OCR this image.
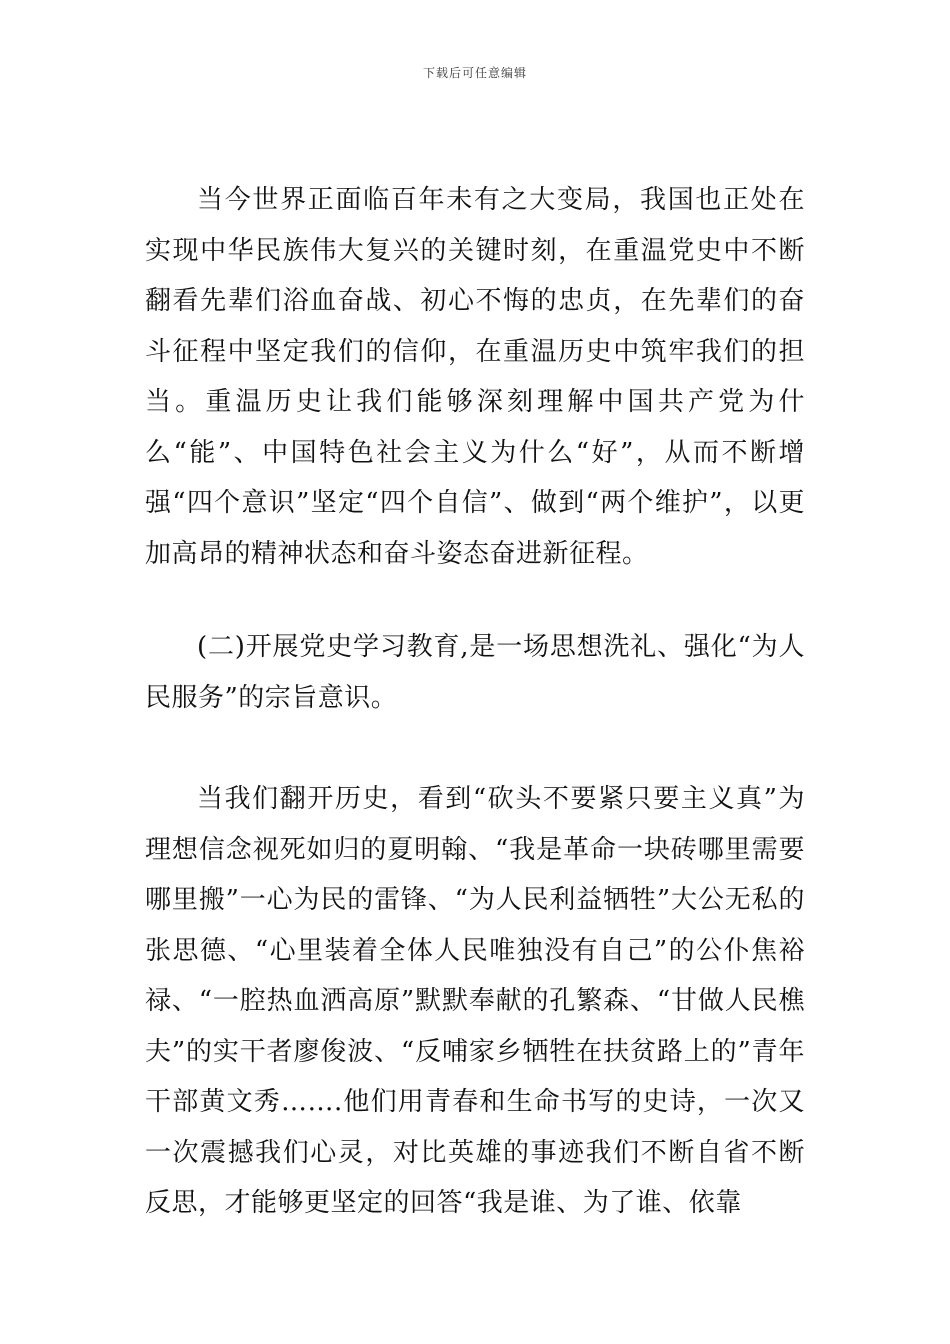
下载后可任意编辑

当今世界正面临百年未有之大变局，我国也正处在实现中华民族伟大复兴的关键时刻，在重温党史中不断翻看先辈们浴血奋战、初心不悔的忠贞，在先辈们的奋斗征程中坚定我们的信仰，在重温历史中筑牢我们的担当。重温历史让我们能够深刻理解中国共产党为什么“能”、中国特色社会主义为什么“好”，从而不断增强“四个意识”坚定“四个自信”、做到“两个维护”，以更加高昂的精神状态和奋斗姿态奋进新征程。

(二)开展党史学习教育,是一场思想洗礼、强化“为人民服务”的宗旨意识。

当我们翻开历史，看到“砍头不要紧只要主义真”为理想信念视死如归的夏明翰、“我是革命一块砖哪里需要哪里搬”一心为民的雷锋、“为人民利益牺牲”大公无私的张思德、“心里装着全体人民唯独没有自己”的公仆焦裕禄、“一腔热血洒高原”默默奉献的孔繁森、“甘做人民樵夫”的实干者廖俊波、“反哺家乡牺牲在扶贫路上的”青年干部黄文秀…….他们用青春和生命书写的史诗，一次又一次震撼我们心灵，对比英雄的事迹我们不断自省不断反思，才能够更坚定的回答“我是谁、为了谁、依靠
